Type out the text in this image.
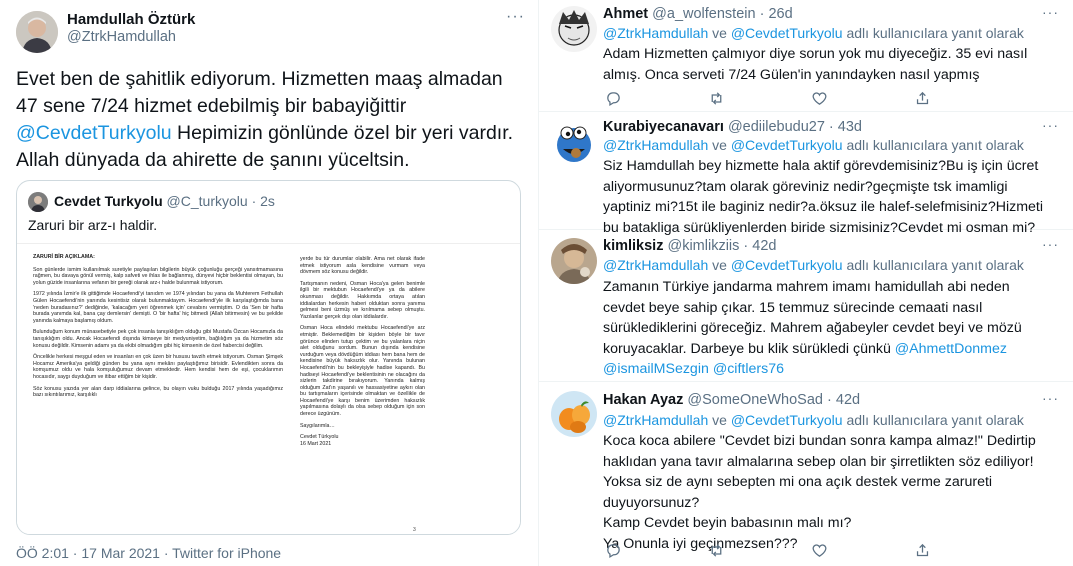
Hamdullah Öztürk
@ZtrkHamdullah
···
Evet ben de şahitlik ediyorum. Hizmetten maaş almadan 47 sene 7/24 hizmet edebilmiş bir babayiğittir @CevdetTurkyolu Hepimizin gönlünde özel bir yeri vardır. Allah dünyada da ahirette de şanını yüceltsin.
Cevdet Turkyolu @C_turkyolu · 2s
Zaruri bir arz-ı haldir.

ZARURİ BİR AÇIKLAMA:

Son günlerde ismim kullanılmak suretiyle paylaşılan bilgilerin büyük çoğunluğu gerçeği yansıtmamasına rağmen, bu davaya gönül vermiş, kalp safveti ve ihlas ile bağlanmış, dünyevi hiçbir beklentisi olmayan, bu yolun güzide insanlarına vefanın bir gereği olarak arz-ı halde bulunmak istiyorum.

1972 yılında İzmir'e ilk gittiğimde Hocaefendi'yi tanıdım ve 1974 yılından bu yana da Muhterem Fethullah Gülen Hocaefendi'nin yanında kesintisiz olarak bulunmaktayım. Hocaefendi'yle ilk karşılaştığımda bana 'neden buradasınız?' dediğinde, 'kalacağım yeri öğrenmek için' cevabını vermiştim. O da 'Sen bir hafta burada yanımda kal, bana çay demlersin' demişti. O 'bir hafta' hiç bitmedi (Allah bitirmesin) ve bu şekilde yanında kalmaya başlamış oldum.

Bulunduğum konum münasebetiyle pek çok insanla tanışıklığım olduğu gibi Mustafa Özcan Hocamızla da tanışıklığım oldu. Ancak Hocaefendi dışında kimseye bir medyuniyetim, bağlılığım ya da hizmetim söz konusu değildir. Kimsenin adamı ya da ekibi olmadığım gibi hiç kimsenin de özel habercisi değilim.

Öncelikle herkesi meşgul eden ve insanları en çok üzen bir hususu tavzih etmek istiyorum. Osman Şimşek Hocamız Amerika'ya geldiği günden bu yana aynı mekânı paylaştığımız birisidir. Evlendikten sonra da komşumuz oldu ve hala komşuluğumuz devam etmektedir. Hem kendisi hem de eşi, çocuklarımın hocasıdır, saygı duyduğum ve itibar ettiğim bir kişidir.

Söz konusu yazıda yer alan darp iddialarına gelince, bu olayın vuku bulduğu 2017 yılında yaşadığımız bazı sıkıntılarımız, karşılıklı

yerde bu tür durumlar olabilir. Ama net olarak ifade etmek istiyorum asla kendisine vurmam veya dövmem söz konusu değildir.

Tartışmanın nedeni, Osman Hoca'ya gelen benimle ilgili bir mektubun Hocaefendi'ye ya da abilere okunması değildir. Hakkımda ortaya atılan iddialardan herkesin haberi olduktan sonra yanıma gelmesi beni üzmüş ve kırılmama sebep olmuştu. Yazılanlar gerçek dışı olan iddialardır.

Osman Hoca elindeki mektubu Hocaefendi'ye arz etmiştir. Beklemediğim bir kişiden böyle bir tavır görünce elinden tutup çektim ve bu yalanlara niçin alet olduğunu sordum. Bunun dışında kendisine vurduğum veya dövdüğüm iddiası hem bana hem de kendisine büyük haksızlık olur. Yanında bulunan Hocaefendi'nin bu bekleyişiyle hadise kapandı. Bu hadiseyi Hocaefendi'ye beklentisinin ne olacağını da sizlerin takdirine bırakıyorum. Yanında kalmış olduğum Zat'ın yaşanılı ve hassasiyetine aykırı olan bu tartışmaların içerisinde olmaktan ve özellikle de Hocaefendi'ye karşı benim üzerimden haksızlık yapılmasına dolaylı da olsa sebep olduğum için son derece üzgünüm.

Saygılarımla…

Cevdet Türkyolu
16 Mart 2021

3
ÖÖ 2:01 · 17 Mar 2021 · Twitter for iPhone
Ahmet @a_wolfenstein · 26d	···
@ZtrkHamdullah ve @CevdetTurkyolu adlı kullanıcılara yanıt olarak
Adam Hizmetten çalmıyor diye sorun yok mu diyeceğiz. 35 evi nasıl almış. Onca serveti 7/24 Gülen'in yanındayken nasıl yapmış
Kurabiyecanavarı @ediilebudu27 · 43d	···
@ZtrkHamdullah ve @CevdetTurkyolu adlı kullanıcılara yanıt olarak
Siz Hamdullah bey hizmette hala aktif görevdemisiniz?Bu iş için ücret aliyormusunuz?tam olarak göreviniz nedir?geçmişte tsk imamligi yaptiniz mi?15t ile baginiz nedir?a.öksuz ile halef-selefmisiniz?Hizmeti bu batakliga sürükliyenlerden biride sizmisiniz?Cevdet mi osman mi?
kimliksiz @kimlikziis · 42d	···
@ZtrkHamdullah ve @CevdetTurkyolu adlı kullanıcılara yanıt olarak
Zamanın Türkiye jandarma mahrem imamı hamidullah abi neden cevdet beye sahip çıkar. 15 temmuz sürecinde cemaati nasıl sürüklediklerini göreceğiz. Mahrem ağabeyler cevdet beyi ve mözü koruyacaklar. Darbeye bu klik sürükledi çünkü @AhmettDonmez @ismailMSezgin @ciftlers76
Hakan Ayaz @SomeOneWhoSad · 42d	···
@ZtrkHamdullah ve @CevdetTurkyolu adlı kullanıcılara yanıt olarak
Koca koca abilere "Cevdet bizi bundan sonra kampa almaz!" Dedirtip haklıdan yana tavır almalarına sebep olan bir şirretlikten söz ediliyor!
Yoksa siz de aynı sebepten mi ona açık destek verme zarureti duyuyorsunuz?
Kamp Cevdet beyin babasının malı mı?
Ya Onunla iyi geçinmezsen???
